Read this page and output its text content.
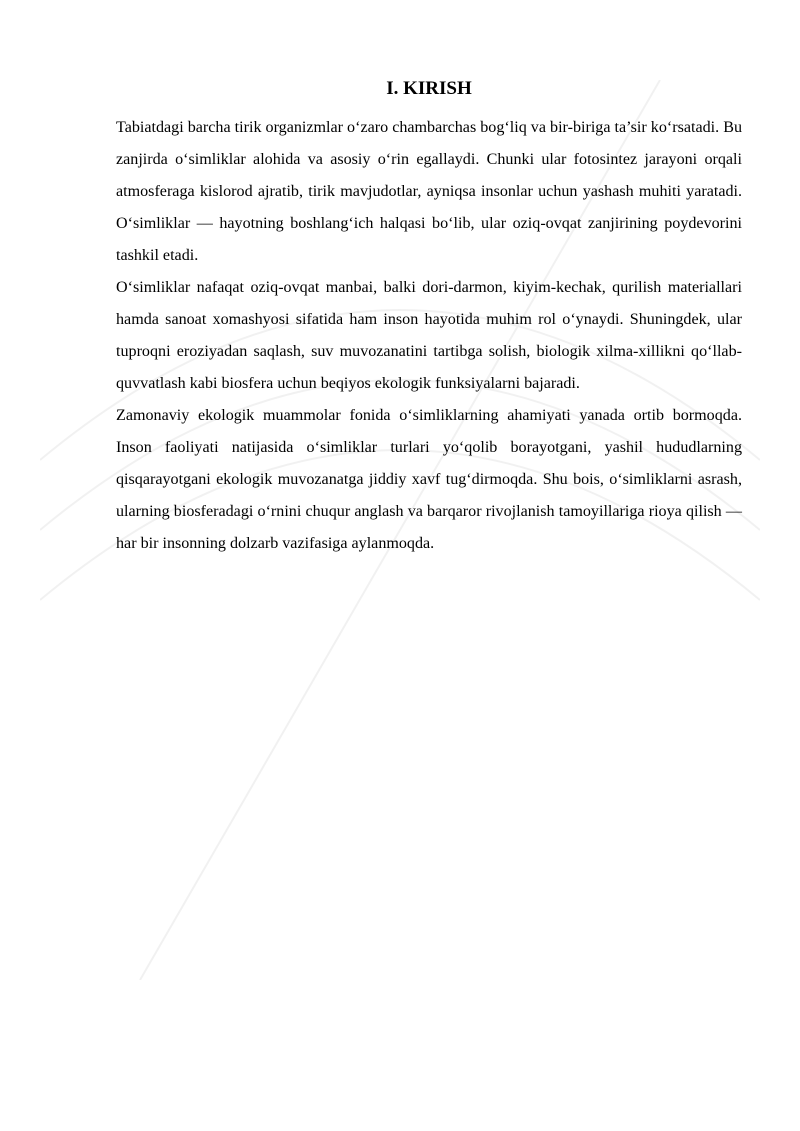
I. KIRISH

Tabiatdagi barcha tirik organizmlar o‘zaro chambarchas bog‘liq va bir-biriga ta’sir ko‘rsatadi. Bu zanjirda o‘simliklar alohida va asosiy o‘rin egallaydi. Chunki ular fotosintez jarayoni orqali atmosferaga kislorod ajratib, tirik mavjudotlar, ayniqsa insonlar uchun yashash muhiti yaratadi. O‘simliklar — hayotning boshlang‘ich halqasi bo‘lib, ular oziq-ovqat zanjirining poydevorini tashkil etadi.

O‘simliklar nafaqat oziq-ovqat manbai, balki dori-darmon, kiyim-kechak, qurilish materiallari hamda sanoat xomashyosi sifatida ham inson hayotida muhim rol o‘ynaydi. Shuningdek, ular tuproqni eroziyadan saqlash, suv muvozanatini tartibga solish, biologik xilma-xillikni qo‘llab-quvvatlash kabi biosfera uchun beqiyos ekologik funksiyalarni bajaradi.

Zamonaviy ekologik muammolar fonida o‘simliklarning ahamiyati yanada ortib bormoqda. Inson faoliyati natijasida o‘simliklar turlari yo‘qolib borayotgani, yashil hududlarning qisqarayotgani ekologik muvozanatga jiddiy xavf tug‘dirmoqda. Shu bois, o‘simliklarni asrash, ularning biosferadagi o‘rnini chuqur anglash va barqaror rivojlanish tamoyillariga rioya qilish — har bir insonning dolzarb vazifasiga aylanmoqda.
